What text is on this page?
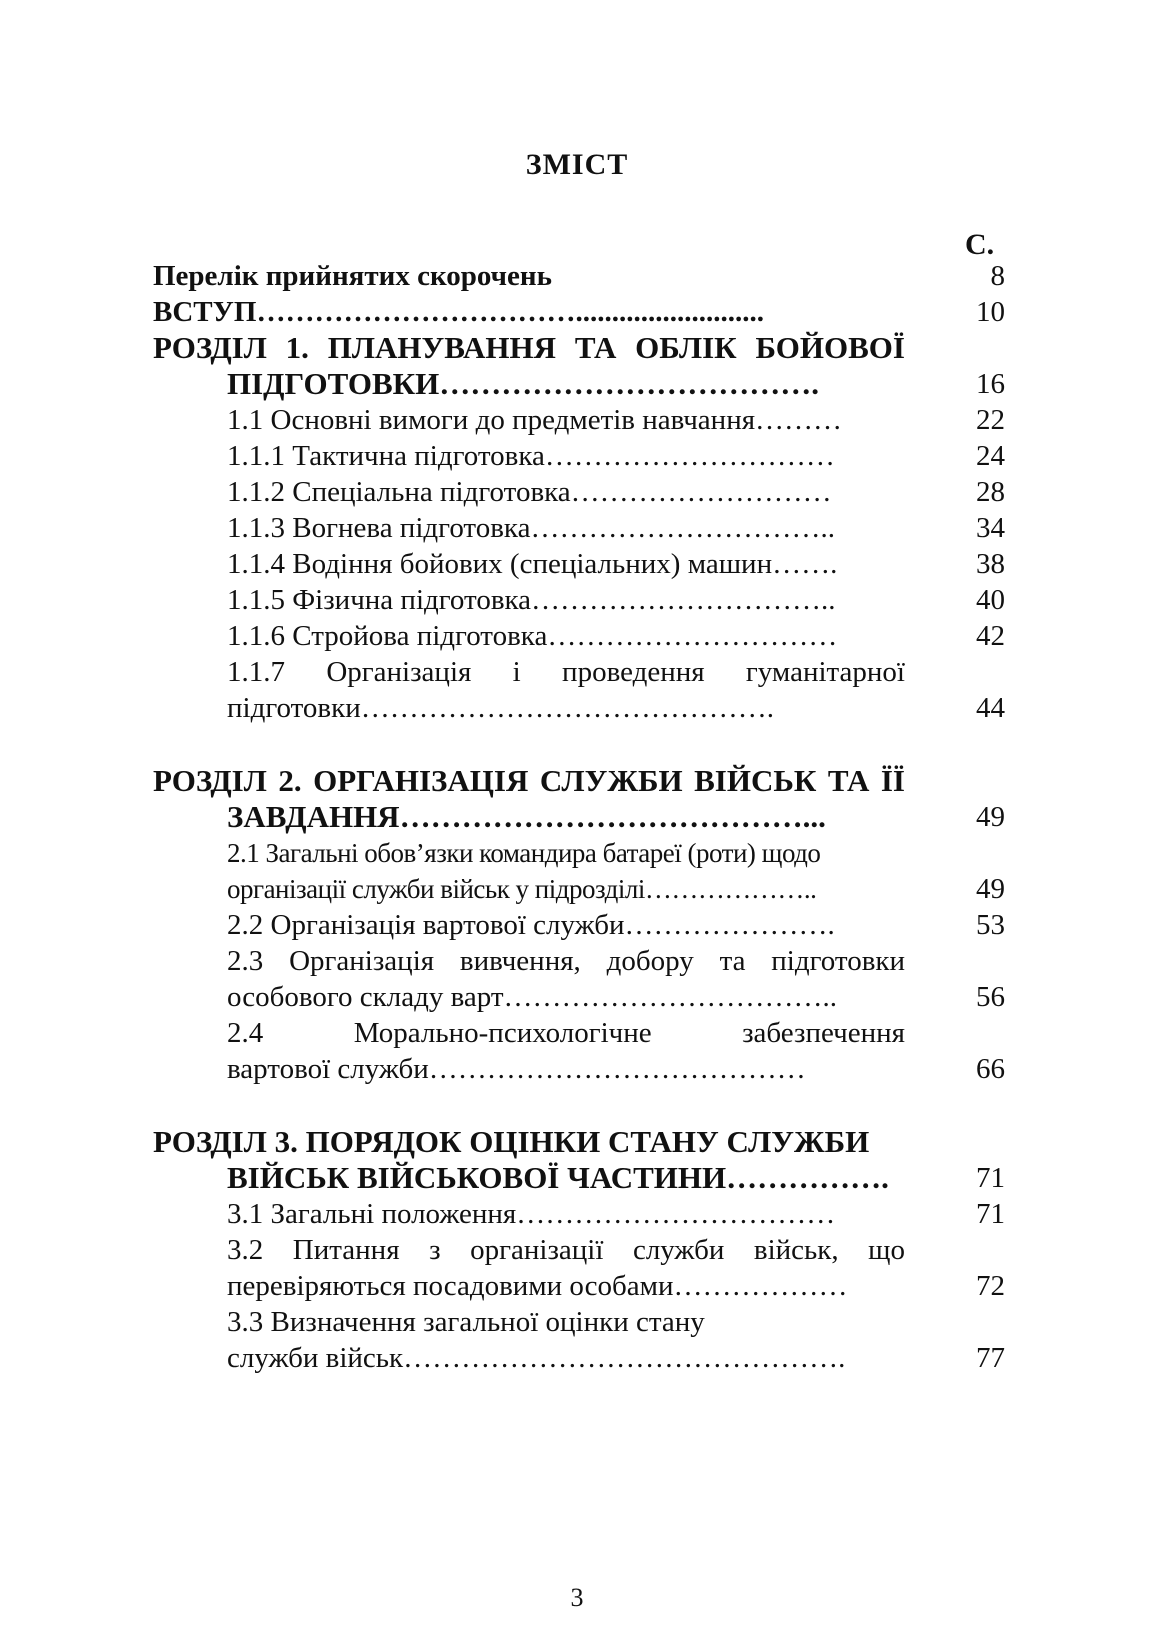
ЗМІСТ
С.
Перелік прийнятих скорочень	8
ВСТУП……………………………..........................	10
РОЗДІЛ 1. ПЛАНУВАННЯ ТА ОБЛІК БОЙОВОЇ
ПІДГОТОВКИ……………………………….	16
1.1 Основні вимоги до предметів навчання………	22
1.1.1 Тактична підготовка…………………………	24
1.1.2 Спеціальна підготовка………………………	28
1.1.3 Вогнева підготовка…………………………..	34
1.1.4 Водіння бойових (спеціальних) машин…….	38
1.1.5 Фізична підготовка…………………………..	40
1.1.6 Стройова підготовка…………………………	42
1.1.7 Організація і проведення гуманітарної
підготовки…………………………………….	44
РОЗДІЛ 2. ОРГАНІЗАЦІЯ СЛУЖБИ ВІЙСЬК ТА ЇЇ
ЗАВДАННЯ…………………………………...	49
2.1 Загальні обов’язки командира батареї (роти) щодо
організації служби військ у підрозділі………………..	49
2.2 Організація вартової служби………………….	53
2.3 Організація вивчення, добору та підготовки
особового складу варт……………………………..	56
2.4 Морально-психологічне забезпечення
вартової служби…………………………………	66
РОЗДІЛ 3. ПОРЯДОК ОЦІНКИ СТАНУ СЛУЖБИ
ВІЙСЬК ВІЙСЬКОВОЇ ЧАСТИНИ…………….	71
3.1 Загальні положення……………………………	71
3.2 Питання з організації служби військ, що
перевіряються посадовими особами………………	72
3.3 Визначення загальної оцінки стану
служби військ……………………………………….	77
3
